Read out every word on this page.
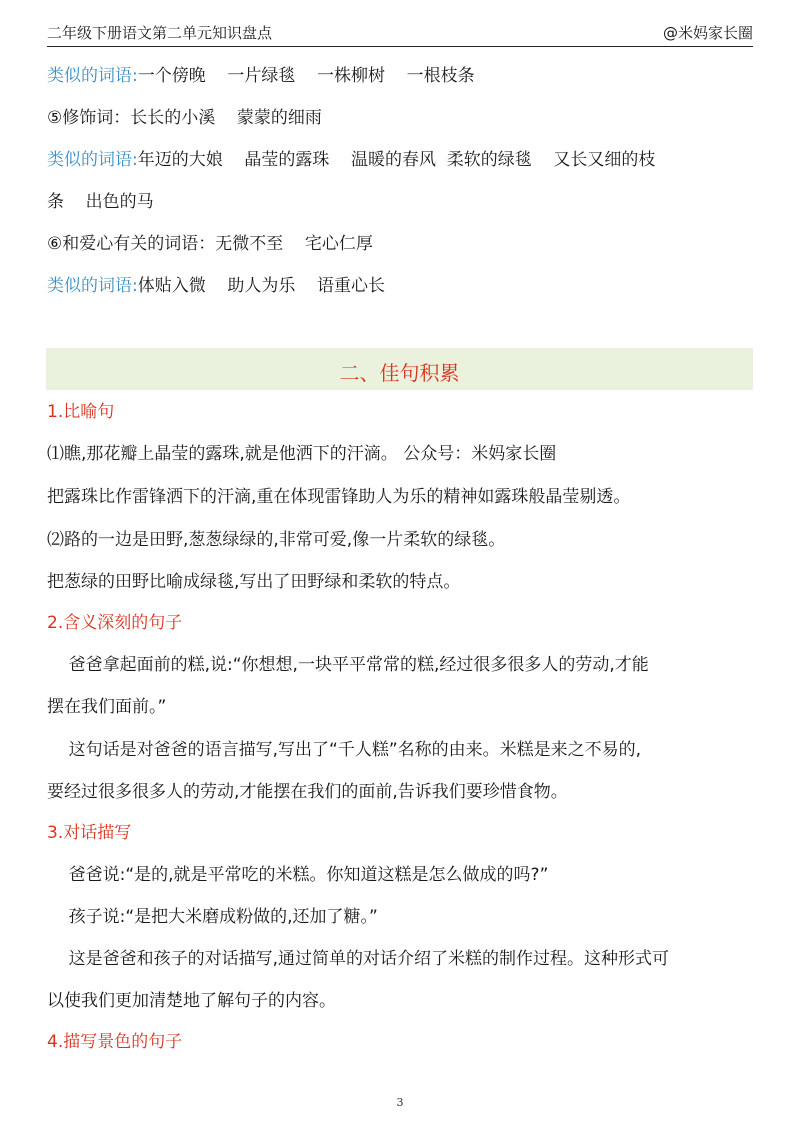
二年级下册语文第二单元知识盘点	@米妈家长圈
类似的词语:一个傍晚    一片绿毯    一株柳树    一根枝条
⑤修饰词：长长的小溪    蒙蒙的细雨
类似的词语:年迈的大娘    晶莹的露珠    温暖的春风  柔软的绿毯    又长又细的枝
条    出色的马
⑥和爱心有关的词语：无微不至    宅心仁厚
类似的词语:体贴入微    助人为乐    语重心长
二、佳句积累
1.比喻句
⑴瞧,那花瓣上晶莹的露珠,就是他洒下的汗滴。 公众号：米妈家长圈
把露珠比作雷锋洒下的汗滴,重在体现雷锋助人为乐的精神如露珠般晶莹剔透。
⑵路的一边是田野,葱葱绿绿的,非常可爱,像一片柔软的绿毯。
把葱绿的田野比喻成绿毯,写出了田野绿和柔软的特点。
2.含义深刻的句子
爸爸拿起面前的糕,说:“你想想,一块平平常常的糕,经过很多很多人的劳动,才能
摆在我们面前。”
这句话是对爸爸的语言描写,写出了“千人糕”名称的由来。米糕是来之不易的,
要经过很多很多人的劳动,才能摆在我们的面前,告诉我们要珍惜食物。
3.对话描写
爸爸说:“是的,就是平常吃的米糕。你知道这糕是怎么做成的吗?”
孩子说:“是把大米磨成粉做的,还加了糖。”
这是爸爸和孩子的对话描写,通过简单的对话介绍了米糕的制作过程。这种形式可
以使我们更加清楚地了解句子的内容。
4.描写景色的句子
3
